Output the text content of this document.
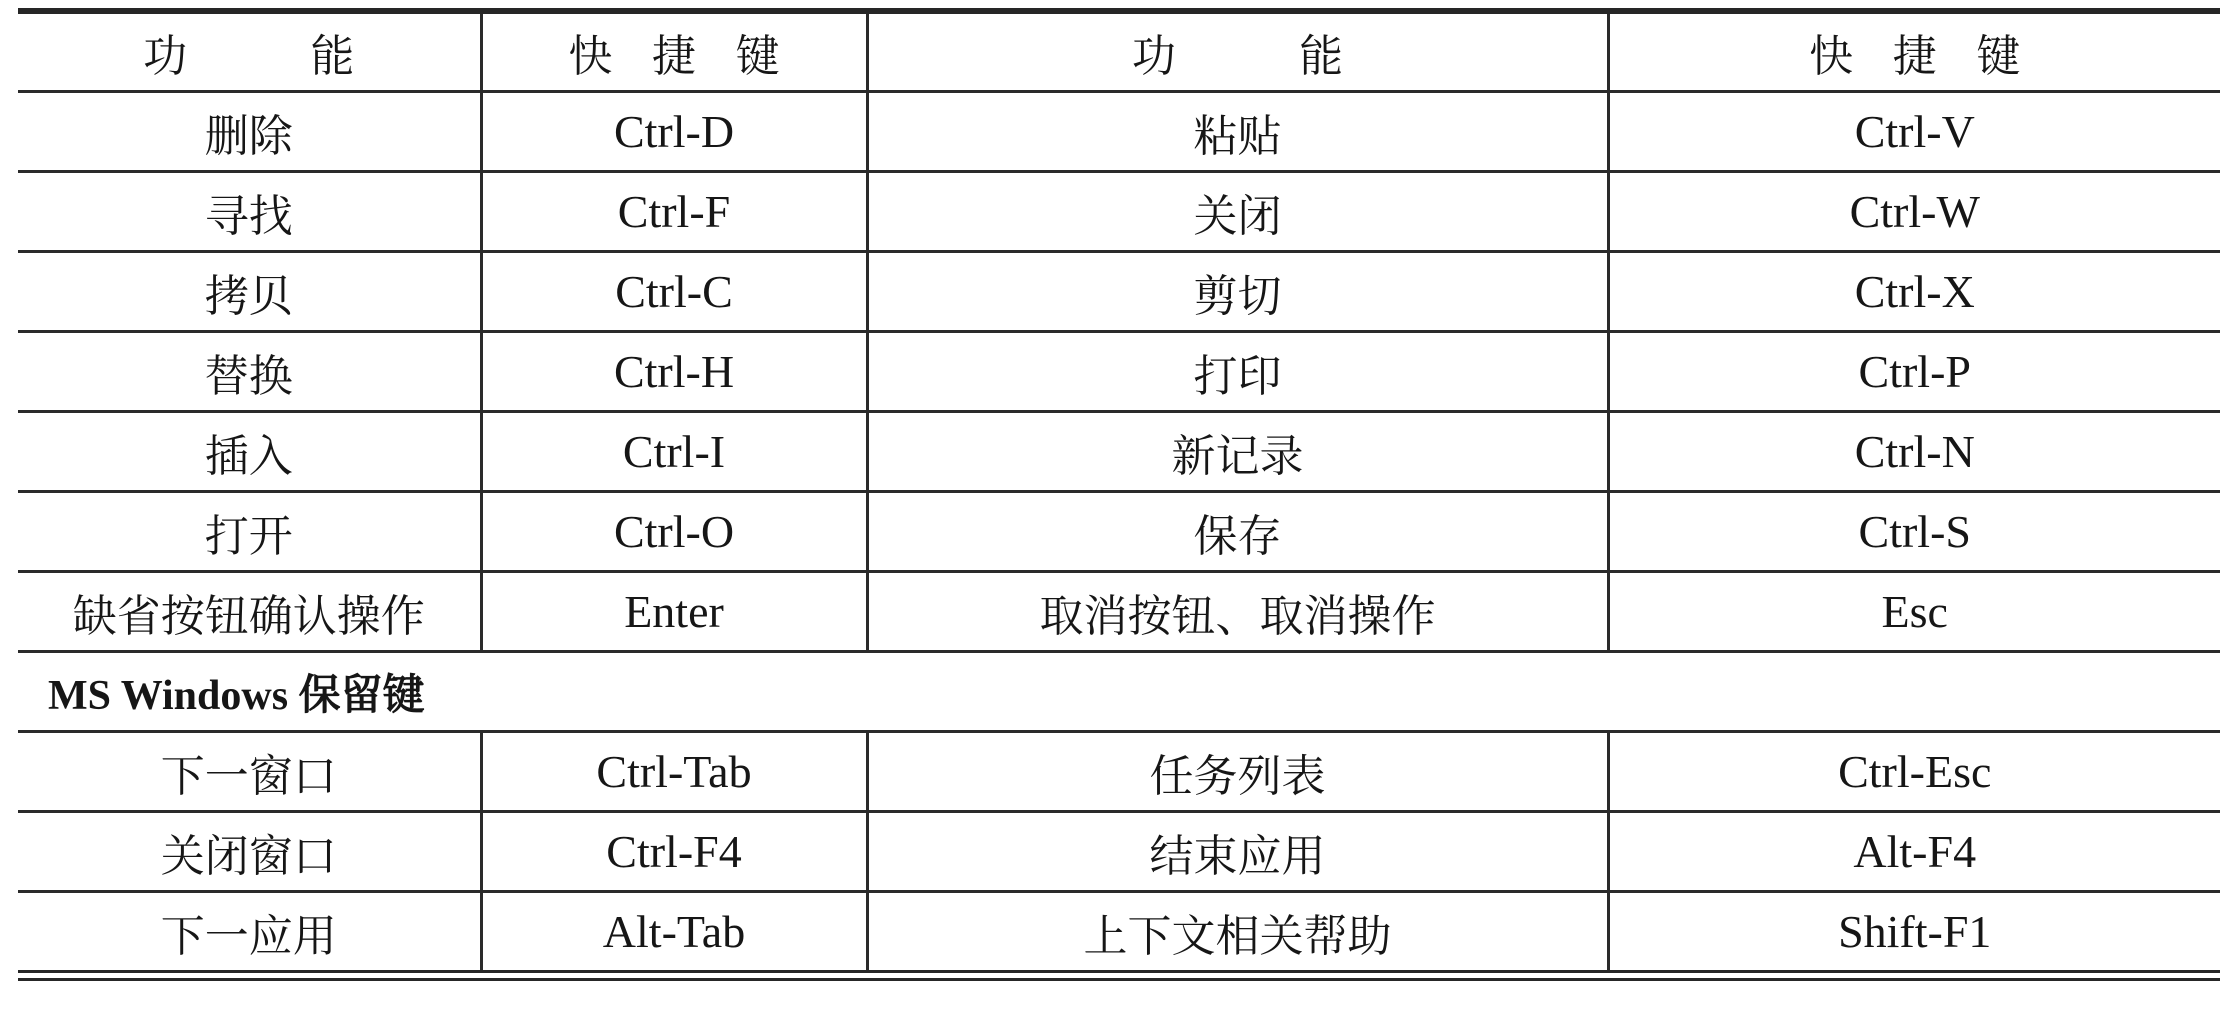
功　能	快捷键	功　能	快捷键
删除	Ctrl-D	粘贴	Ctrl-V
寻找	Ctrl-F	关闭	Ctrl-W
拷贝	Ctrl-C	剪切	Ctrl-X
替换	Ctrl-H	打印	Ctrl-P
插入	Ctrl-I	新记录	Ctrl-N
打开	Ctrl-O	保存	Ctrl-S
缺省按钮确认操作	Enter	取消按钮、取消操作	Esc
MS Windows 保留键			
下一窗口	Ctrl-Tab	任务列表	Ctrl-Esc
关闭窗口	Ctrl-F4	结束应用	Alt-F4
下一应用	Alt-Tab	上下文相关帮助	Shift-F1
